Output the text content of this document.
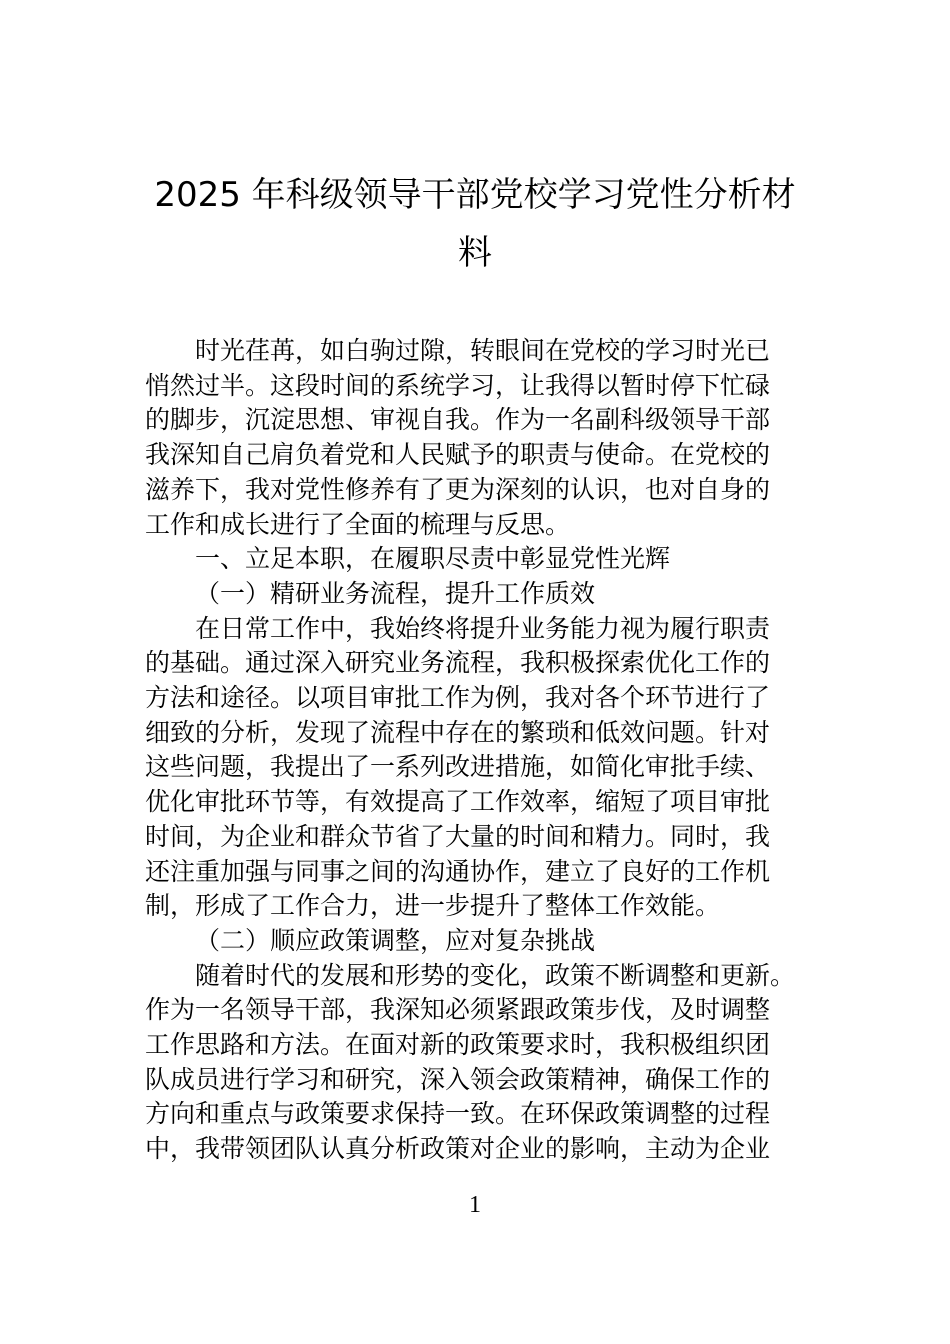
2025 年科级领导干部党校学习党性分析材
料
时光荏苒，如白驹过隙，转眼间在党校的学习时光已
悄然过半。这段时间的系统学习，让我得以暂时停下忙碌
的脚步，沉淀思想、审视自我。作为一名副科级领导干部
我深知自己肩负着党和人民赋予的职责与使命。在党校的
滋养下，我对党性修养有了更为深刻的认识，也对自身的
工作和成长进行了全面的梳理与反思。
一、立足本职，在履职尽责中彰显党性光辉
（一）精研业务流程，提升工作质效
在日常工作中，我始终将提升业务能力视为履行职责
的基础。通过深入研究业务流程，我积极探索优化工作的
方法和途径。以项目审批工作为例，我对各个环节进行了
细致的分析，发现了流程中存在的繁琐和低效问题。针对
这些问题，我提出了一系列改进措施，如简化审批手续、
优化审批环节等，有效提高了工作效率，缩短了项目审批
时间，为企业和群众节省了大量的时间和精力。同时，我
还注重加强与同事之间的沟通协作，建立了良好的工作机
制，形成了工作合力，进一步提升了整体工作效能。
（二）顺应政策调整，应对复杂挑战
随着时代的发展和形势的变化，政策不断调整和更新。
作为一名领导干部，我深知必须紧跟政策步伐，及时调整
工作思路和方法。在面对新的政策要求时，我积极组织团
队成员进行学习和研究，深入领会政策精神，确保工作的
方向和重点与政策要求保持一致。在环保政策调整的过程
中，我带领团队认真分析政策对企业的影响，主动为企业
1
